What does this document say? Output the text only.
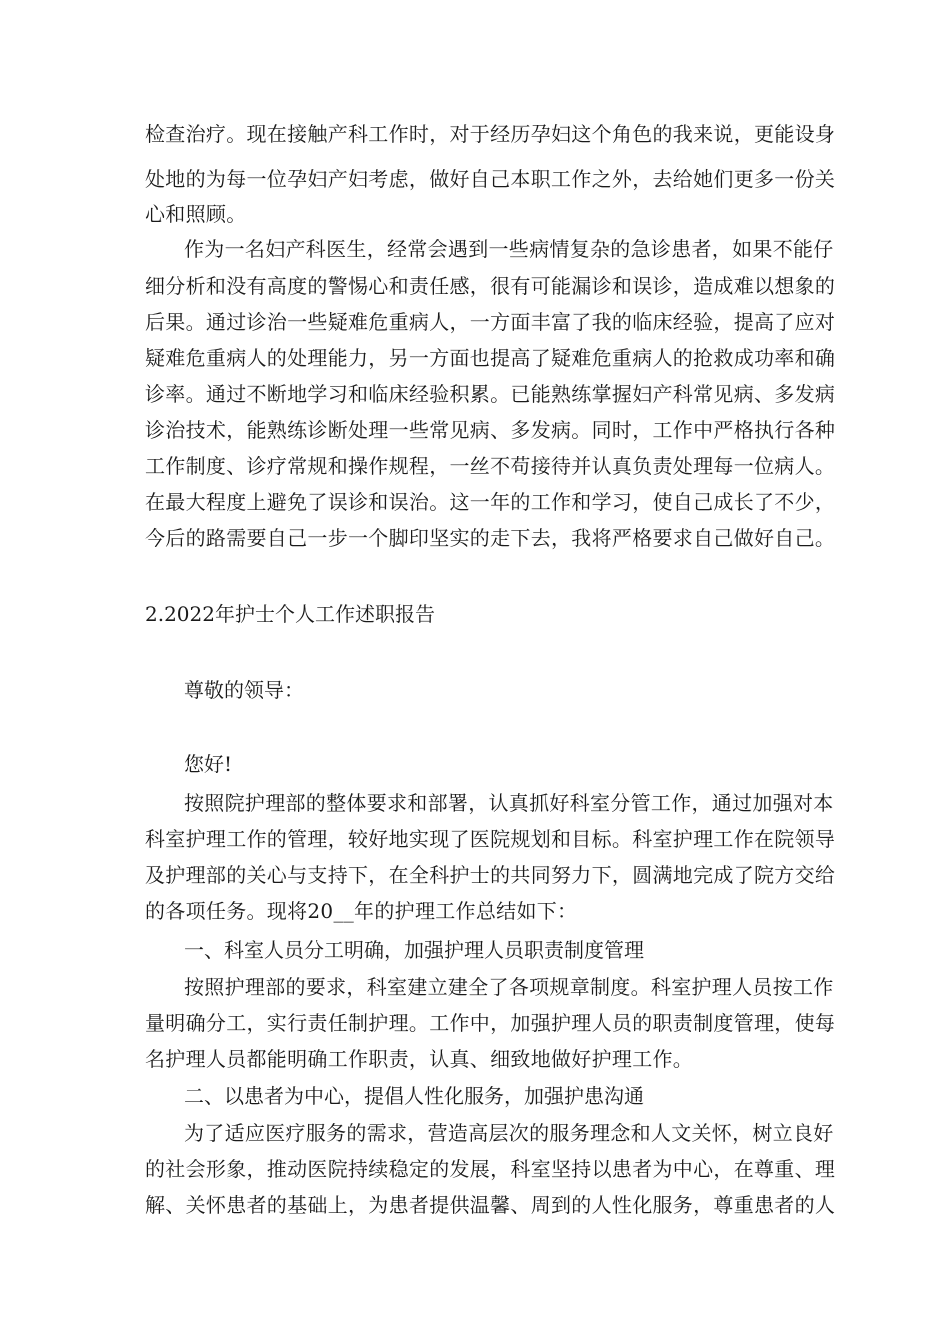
检查治疗。现在接触产科工作时，对于经历孕妇这个角色的我来说，更能设身
处地的为每一位孕妇产妇考虑，做好自己本职工作之外，去给她们更多一份关
心和照顾。
作为一名妇产科医生，经常会遇到一些病情复杂的急诊患者，如果不能仔
细分析和没有高度的警惕心和责任感，很有可能漏诊和误诊，造成难以想象的
后果。通过诊治一些疑难危重病人，一方面丰富了我的临床经验，提高了应对
疑难危重病人的处理能力，另一方面也提高了疑难危重病人的抢救成功率和确
诊率。通过不断地学习和临床经验积累。已能熟练掌握妇产科常见病、多发病
诊治技术，能熟练诊断处理一些常见病、多发病。同时，工作中严格执行各种
工作制度、诊疗常规和操作规程，一丝不苟接待并认真负责处理每一位病人。
在最大程度上避免了误诊和误治。这一年的工作和学习，使自己成长了不少，
今后的路需要自己一步一个脚印坚实的走下去，我将严格要求自己做好自己。
2.2022年护士个人工作述职报告
尊敬的领导：
您好!
按照院护理部的整体要求和部署，认真抓好科室分管工作，通过加强对本
科室护理工作的管理，较好地实现了医院规划和目标。科室护理工作在院领导
及护理部的关心与支持下，在全科护士的共同努力下，圆满地完成了院方交给
的各项任务。现将20__年的护理工作总结如下：
一、科室人员分工明确，加强护理人员职责制度管理
按照护理部的要求，科室建立建全了各项规章制度。科室护理人员按工作
量明确分工，实行责任制护理。工作中，加强护理人员的职责制度管理，使每
名护理人员都能明确工作职责，认真、细致地做好护理工作。
二、以患者为中心，提倡人性化服务，加强护患沟通
为了适应医疗服务的需求，营造高层次的服务理念和人文关怀，树立良好
的社会形象，推动医院持续稳定的发展，科室坚持以患者为中心，在尊重、理
解、关怀患者的基础上，为患者提供温馨、周到的人性化服务，尊重患者的人
